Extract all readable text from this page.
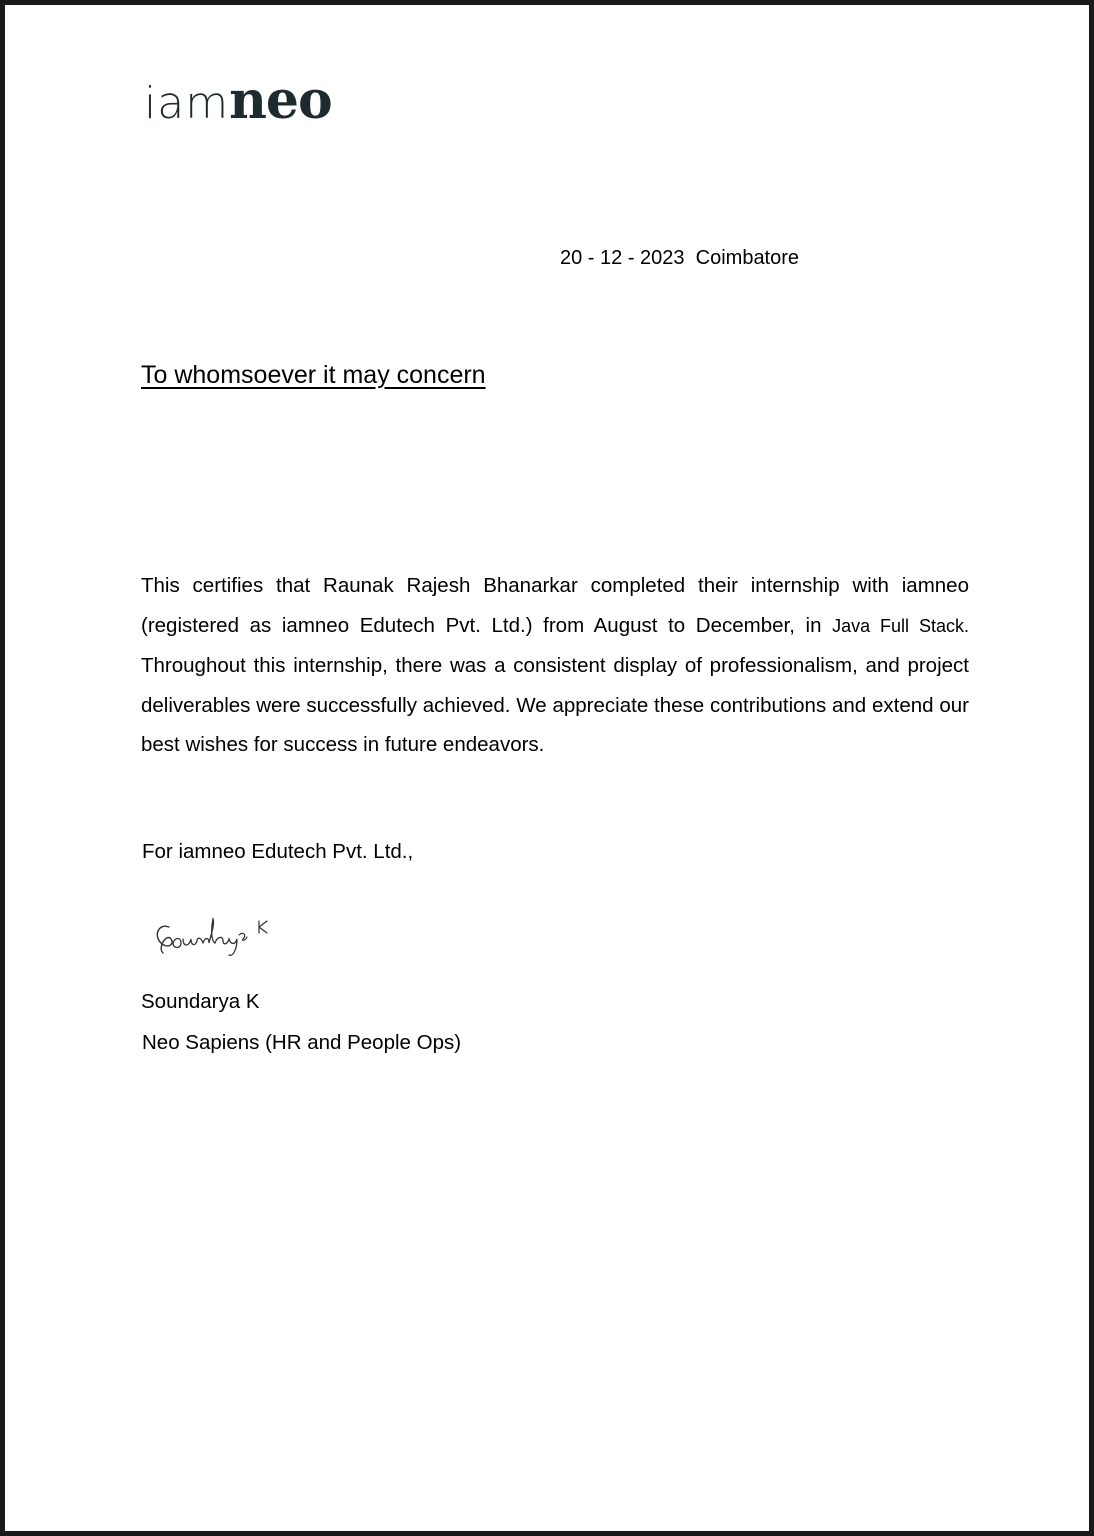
iam neo
20 - 12 - 2023  Coimbatore
To whomsoever it may concern
This certifies that Raunak Rajesh Bhanarkar completed their internship with iamneo (registered as iamneo Edutech Pvt. Ltd.) from August to December, in Java Full Stack. Throughout this internship, there was a consistent display of professionalism, and project  deliverables were successfully achieved. We appreciate these contributions and extend our  best wishes for success in future endeavors.
For iamneo Edutech Pvt. Ltd.,
Soundarya K
Neo Sapiens (HR and People Ops)
